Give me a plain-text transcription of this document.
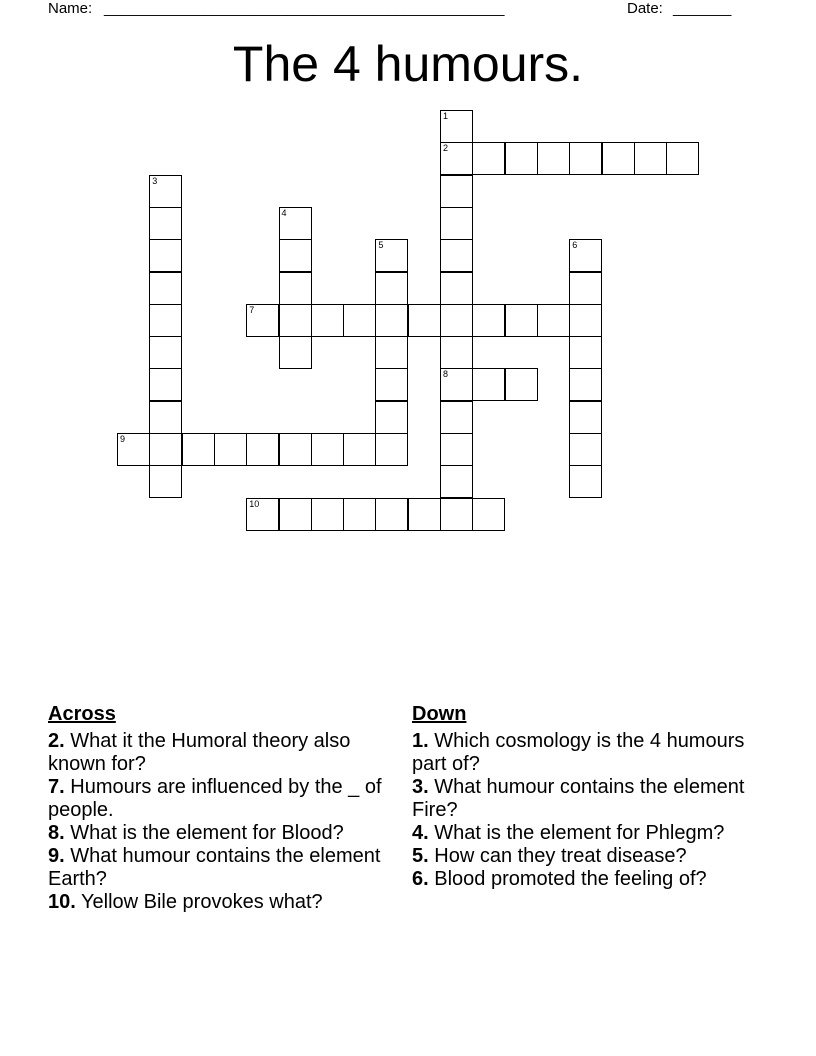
Name: ________________________________________________	Date: _______
The 4 humours.
1
2
8
3
4
5	6
7
9
10
Across
2. What it the Humoral theory also known for?
7. Humours are influenced by the _ of people.
8. What is the element for Blood?
9. What humour contains the element Earth?
10. Yellow Bile provokes what?
Down
1. Which cosmology is the 4 humours part of?
3. What humour contains the element Fire?
4. What is the element for Phlegm?
5. How can they treat disease?
6. Blood promoted the feeling of?
